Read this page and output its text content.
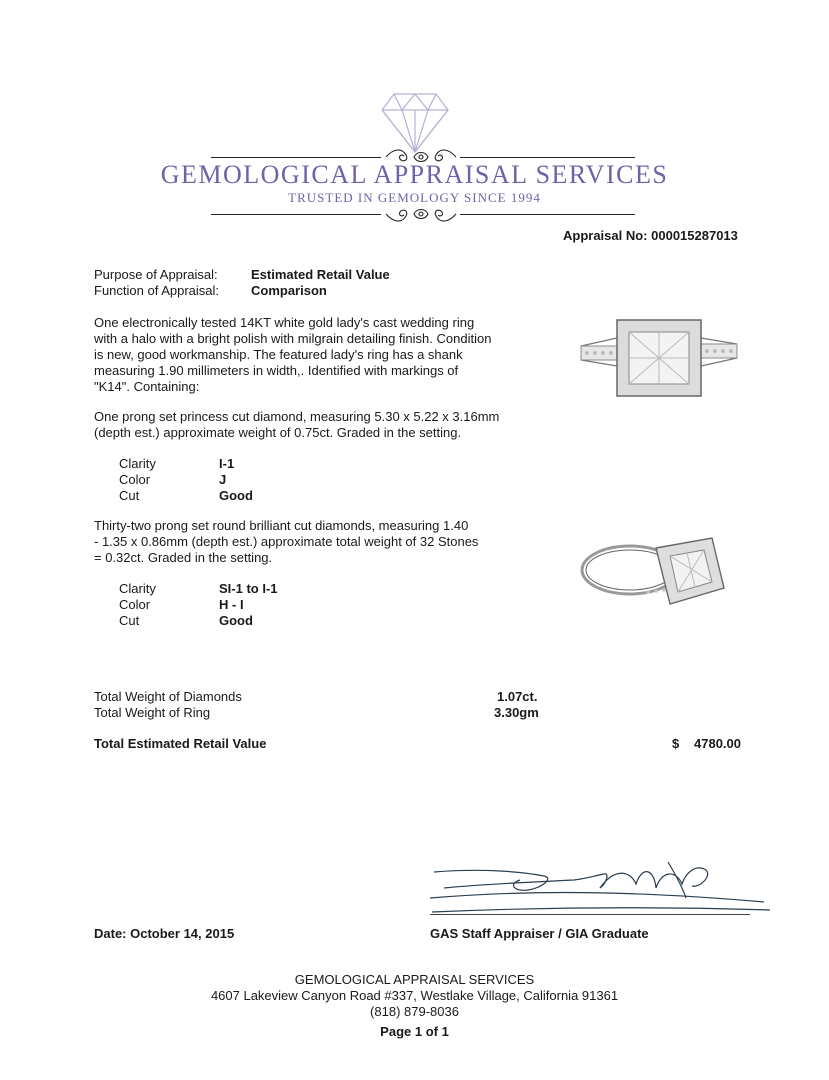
GEMOLOGICAL APPRAISAL SERVICES
TRUSTED IN GEMOLOGY SINCE 1994
Appraisal No: 000015287013
Purpose of Appraisal:	Estimated Retail Value
Function of Appraisal: Comparison
One electronically tested 14KT white gold lady's cast wedding ring
with a halo with a bright polish with milgrain detailing finish. Condition
is new, good workmanship. The featured lady's ring has a shank
measuring 1.90 millimeters in width,. Identified with markings of
"K14". Containing:
One prong set princess cut diamond, measuring 5.30 x 5.22 x 3.16mm
(depth est.) approximate weight of 0.75ct. Graded in the setting.
Clarity	I-1
Color	J
Cut	Good
Thirty-two prong set round brilliant cut diamonds, measuring 1.40
- 1.35 x 0.86mm (depth est.) approximate total weight of 32 Stones
= 0.32ct. Graded in the setting.
Clarity	SI-1 to I-1
Color	H - I
Cut	Good
Total Weight of Diamonds	1.07ct.
Total Weight of Ring	3.30gm
Total Estimated Retail Value	$ 4780.00
Date: October 14, 2015	GAS Staff Appraiser / GIA Graduate
GEMOLOGICAL APPRAISAL SERVICES
4607 Lakeview Canyon Road #337, Westlake Village, California 91361
(818) 879-8036
Page 1 of 1
